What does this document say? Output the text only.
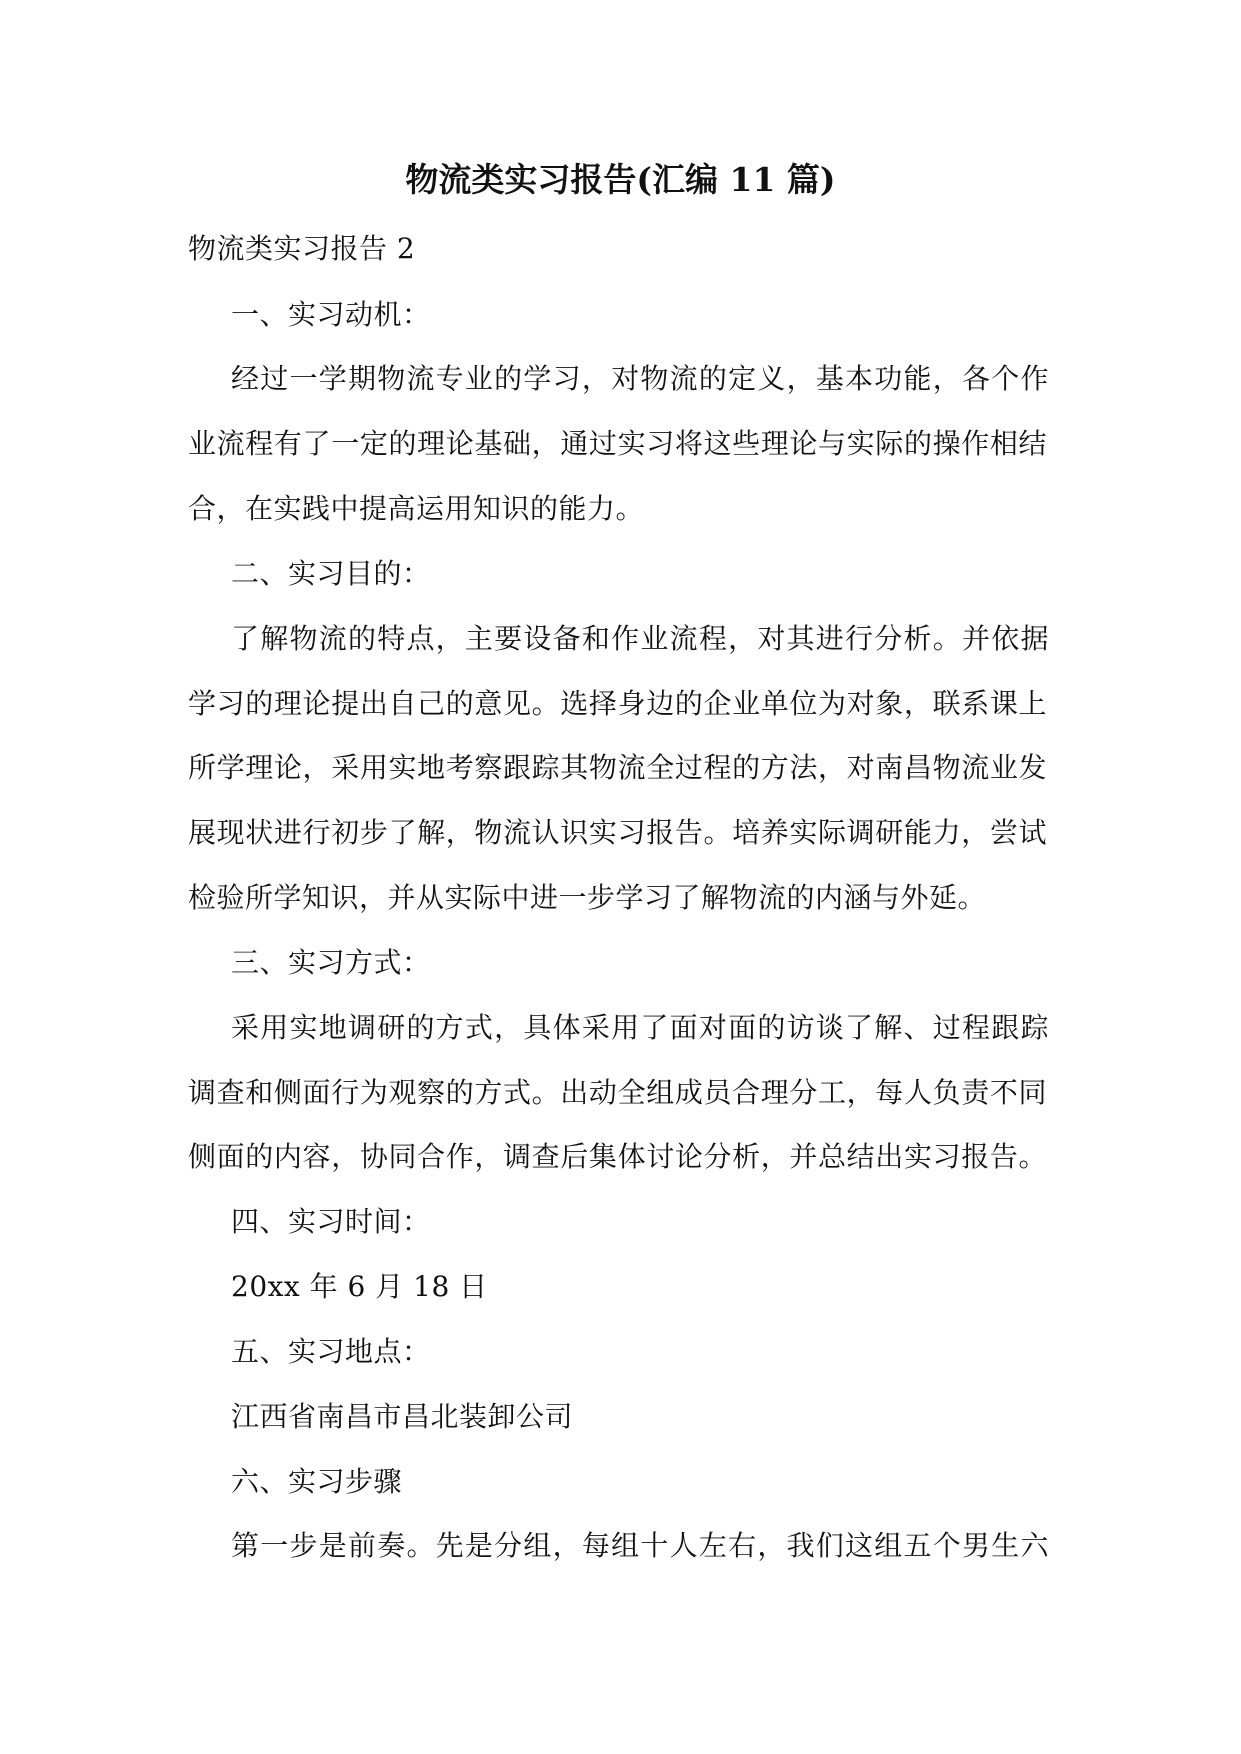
物流类实习报告(汇编 11 篇)
物流类实习报告 2
一、实习动机：
经过一学期物流专业的学习，对物流的定义，基本功能，各个作
业流程有了一定的理论基础，通过实习将这些理论与实际的操作相结
合，在实践中提高运用知识的能力。
二、实习目的：
了解物流的特点，主要设备和作业流程，对其进行分析。并依据
学习的理论提出自己的意见。选择身边的企业单位为对象，联系课上
所学理论，采用实地考察跟踪其物流全过程的方法，对南昌物流业发
展现状进行初步了解，物流认识实习报告。培养实际调研能力，尝试
检验所学知识，并从实际中进一步学习了解物流的内涵与外延。
三、实习方式：
采用实地调研的方式，具体采用了面对面的访谈了解、过程跟踪
调查和侧面行为观察的方式。出动全组成员合理分工，每人负责不同
侧面的内容，协同合作，调查后集体讨论分析，并总结出实习报告。
四、实习时间：
20xx 年 6 月 18 日
五、实习地点：
江西省南昌市昌北装卸公司
六、实习步骤
第一步是前奏。先是分组，每组十人左右，我们这组五个男生六
